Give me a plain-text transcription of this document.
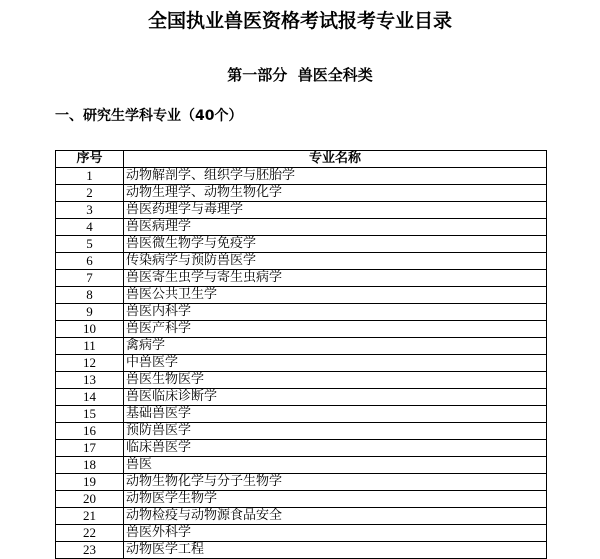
全国执业兽医资格考试报考专业目录
第一部分  兽医全科类
一、研究生学科专业（40个）
序号	专业名称
1	动物解剖学、组织学与胚胎学
2	动物生理学、动物生物化学
3	兽医药理学与毒理学
4	兽医病理学
5	兽医微生物学与免疫学
6	传染病学与预防兽医学
7	兽医寄生虫学与寄生虫病学
8	兽医公共卫生学
9	兽医内科学
10	兽医产科学
11	禽病学
12	中兽医学
13	兽医生物医学
14	兽医临床诊断学
15	基础兽医学
16	预防兽医学
17	临床兽医学
18	兽医
19	动物生物化学与分子生物学
20	动物医学生物学
21	动物检疫与动物源食品安全
22	兽医外科学
23	动物医学工程
